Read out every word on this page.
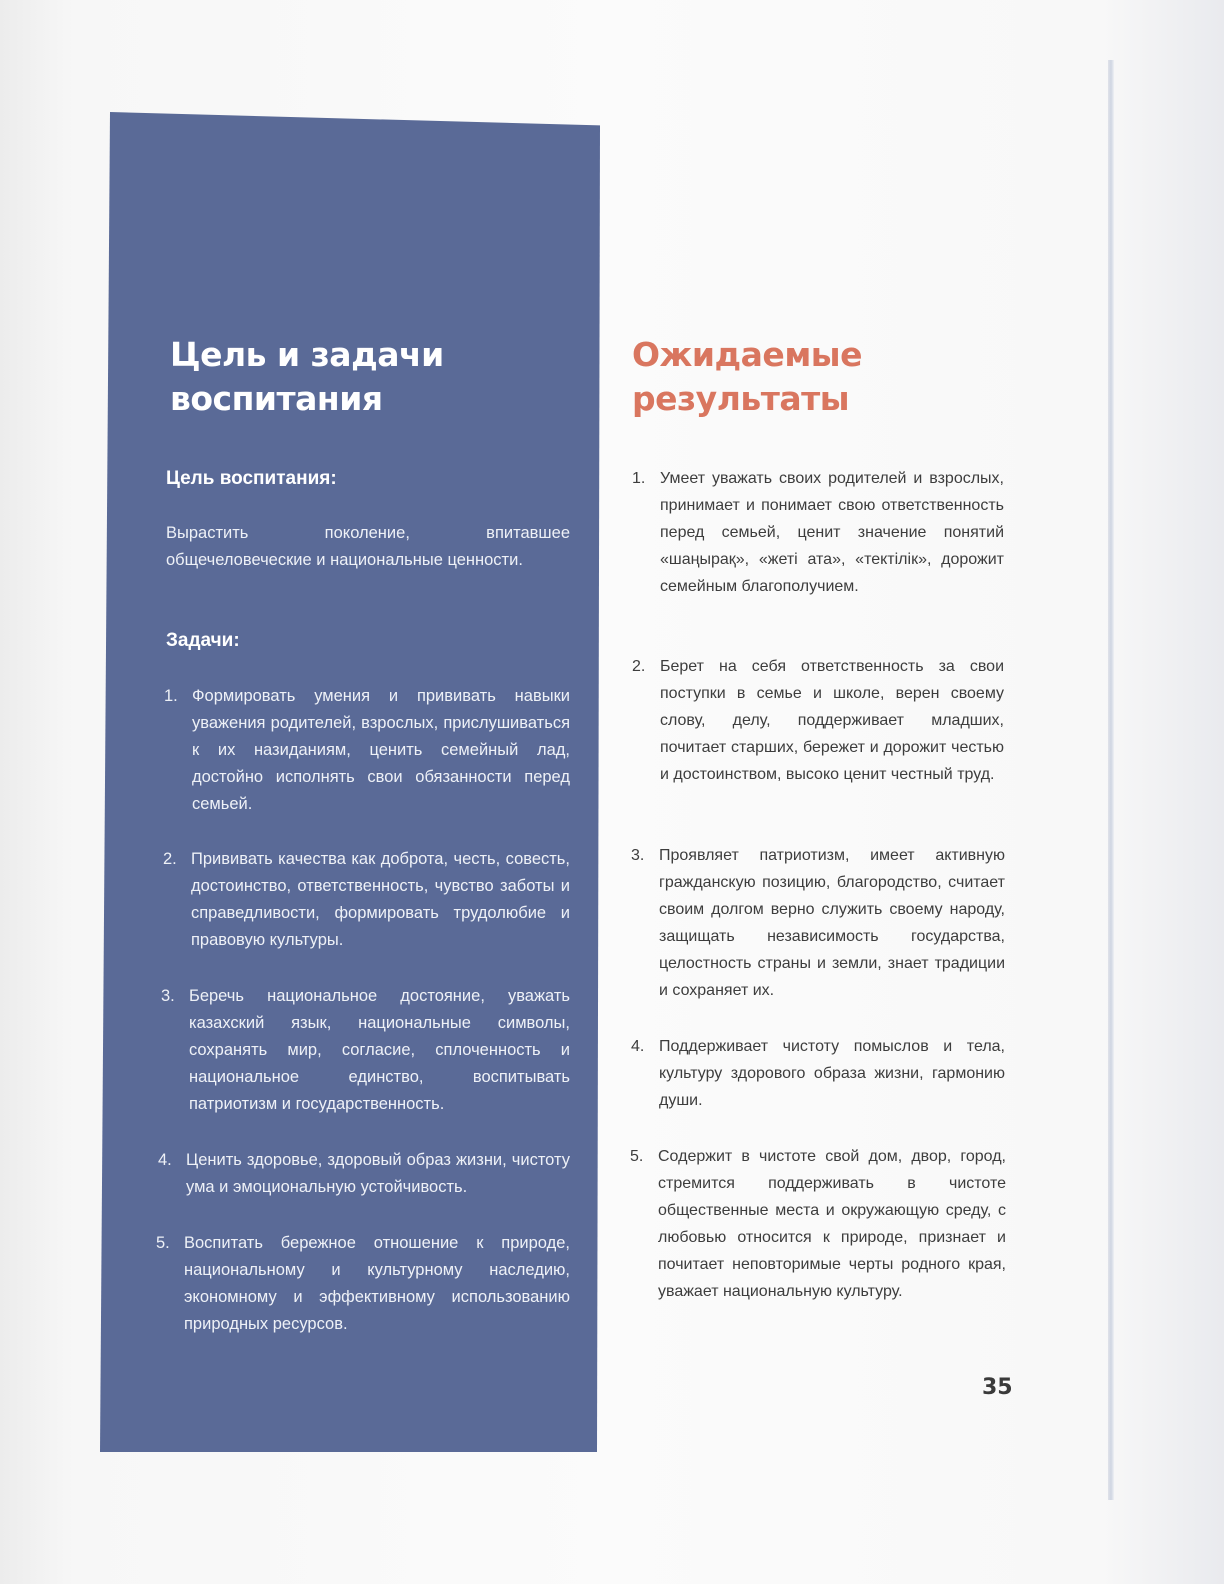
Цель и задачи
воспитания
Цель воспитания:

Вырастить поколение, впитавшее общечеловеческие и национальные ценности.

Задачи:
1. Формировать умения и прививать навыки уважения родителей, взрослых, прислушиваться к их назиданиям, ценить семейный лад, достойно исполнять свои обязанности перед семьей.

2. Прививать качества как доброта, честь, совесть, достоинство, ответственность, чувство заботы и справедливости, формировать трудолюбие и правовую культуры.

3. Беречь национальное достояние, уважать казахский язык, национальные символы, сохранять мир, согласие, сплоченность и национальное единство, воспитывать патриотизм и государственность.

4. Ценить здоровье, здоровый образ жизни, чистоту ума и эмоциональную устойчивость.

5. Воспитать бережное отношение к природе, национальному и культурному наследию, экономному и эффективному использованию природных ресурсов.

Ожидаемые
результаты
1. Умеет уважать своих родителей и взрослых, принимает и понимает свою ответственность перед семьей, ценит значение понятий «шаңырақ», «жеті ата», «тектілік», дорожит семейным благополучием.

2. Берет на себя ответственность за свои поступки в семье и школе, верен своему слову, делу, поддерживает младших, почитает старших, бережет и дорожит честью и достоинством, высоко ценит честный труд.

3. Проявляет патриотизм, имеет активную гражданскую позицию, благородство, считает своим долгом верно служить своему народу, защищать независимость государства, целостность страны и земли, знает традиции и сохраняет их.

4. Поддерживает чистоту помыслов и тела, культуру здорового образа жизни, гармонию души.

5. Содержит в чистоте свой дом, двор, город, стремится поддерживать в чистоте общественные места и окружающую среду, с любовью относится к природе, признает и почитает неповторимые черты родного края, уважает национальную культуру.

35
